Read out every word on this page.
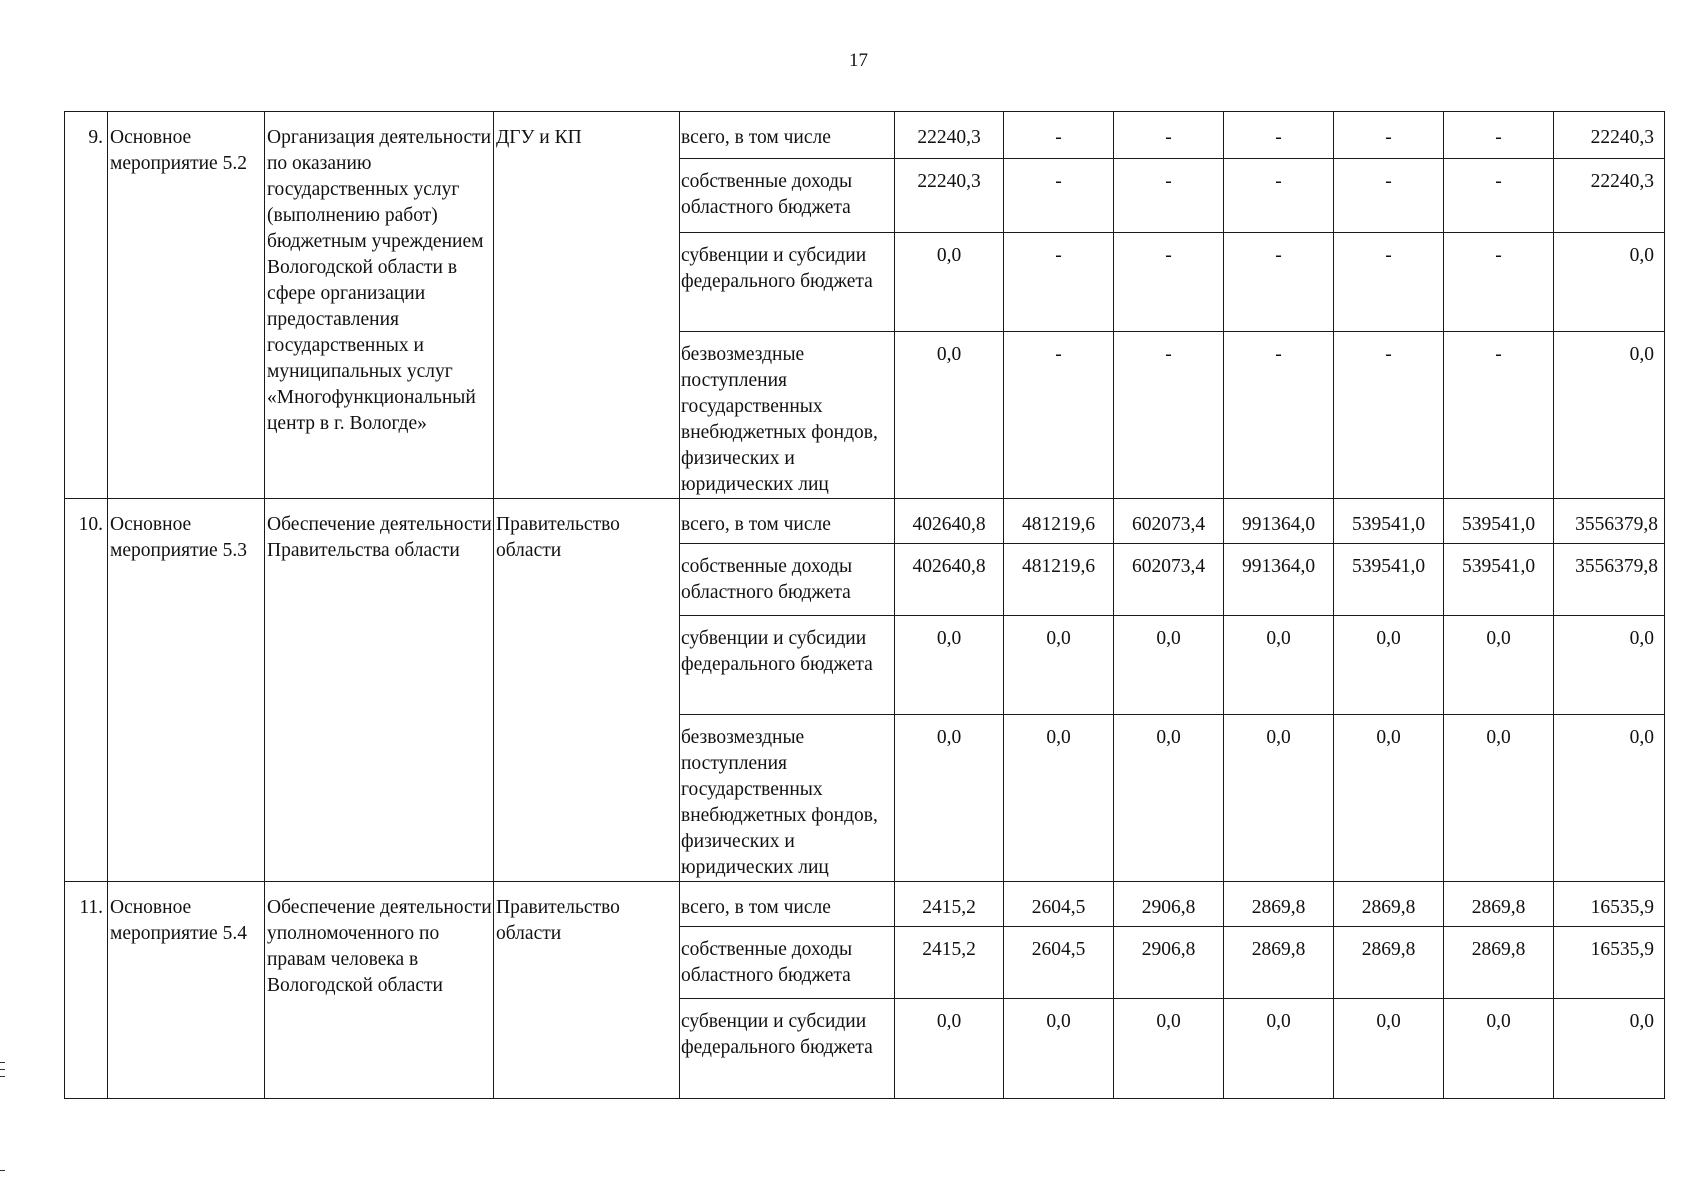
17
9.	Основное мероприятие 5.2	Организация деятельности по оказанию государственных услуг (выполнению работ) бюджетным учреждением Вологодской области в сфере организации предоставления государственных и муниципальных услуг «Многофункциональный центр в г. Вологде»	ДГУ и КП	всего, в том числе	22240,3	-	-	-	-	-	22240,3
				собственные доходы областного бюджета	22240,3	-	-	-	-	-	22240,3
				субвенции и субсидии федерального бюджета	0,0	-	-	-	-	-	0,0
				безвозмездные поступления государственных внебюджетных фондов, физических и юридических лиц	0,0	-	-	-	-	-	0,0
10.	Основное мероприятие 5.3	Обеспечение деятельности Правительства области	Правительство области	всего, в том числе	402640,8	481219,6	602073,4	991364,0	539541,0	539541,0	3556379,8
				собственные доходы областного бюджета	402640,8	481219,6	602073,4	991364,0	539541,0	539541,0	3556379,8
				субвенции и субсидии федерального бюджета	0,0	0,0	0,0	0,0	0,0	0,0	0,0
				безвозмездные поступления государственных внебюджетных фондов, физических и юридических лиц	0,0	0,0	0,0	0,0	0,0	0,0	0,0
11.	Основное мероприятие 5.4	Обеспечение деятельности уполномоченного по правам человека в Вологодской области	Правительство области	всего, в том числе	2415,2	2604,5	2906,8	2869,8	2869,8	2869,8	16535,9
				собственные доходы областного бюджета	2415,2	2604,5	2906,8	2869,8	2869,8	2869,8	16535,9
				субвенции и субсидии федерального бюджета	0,0	0,0	0,0	0,0	0,0	0,0	0,0
